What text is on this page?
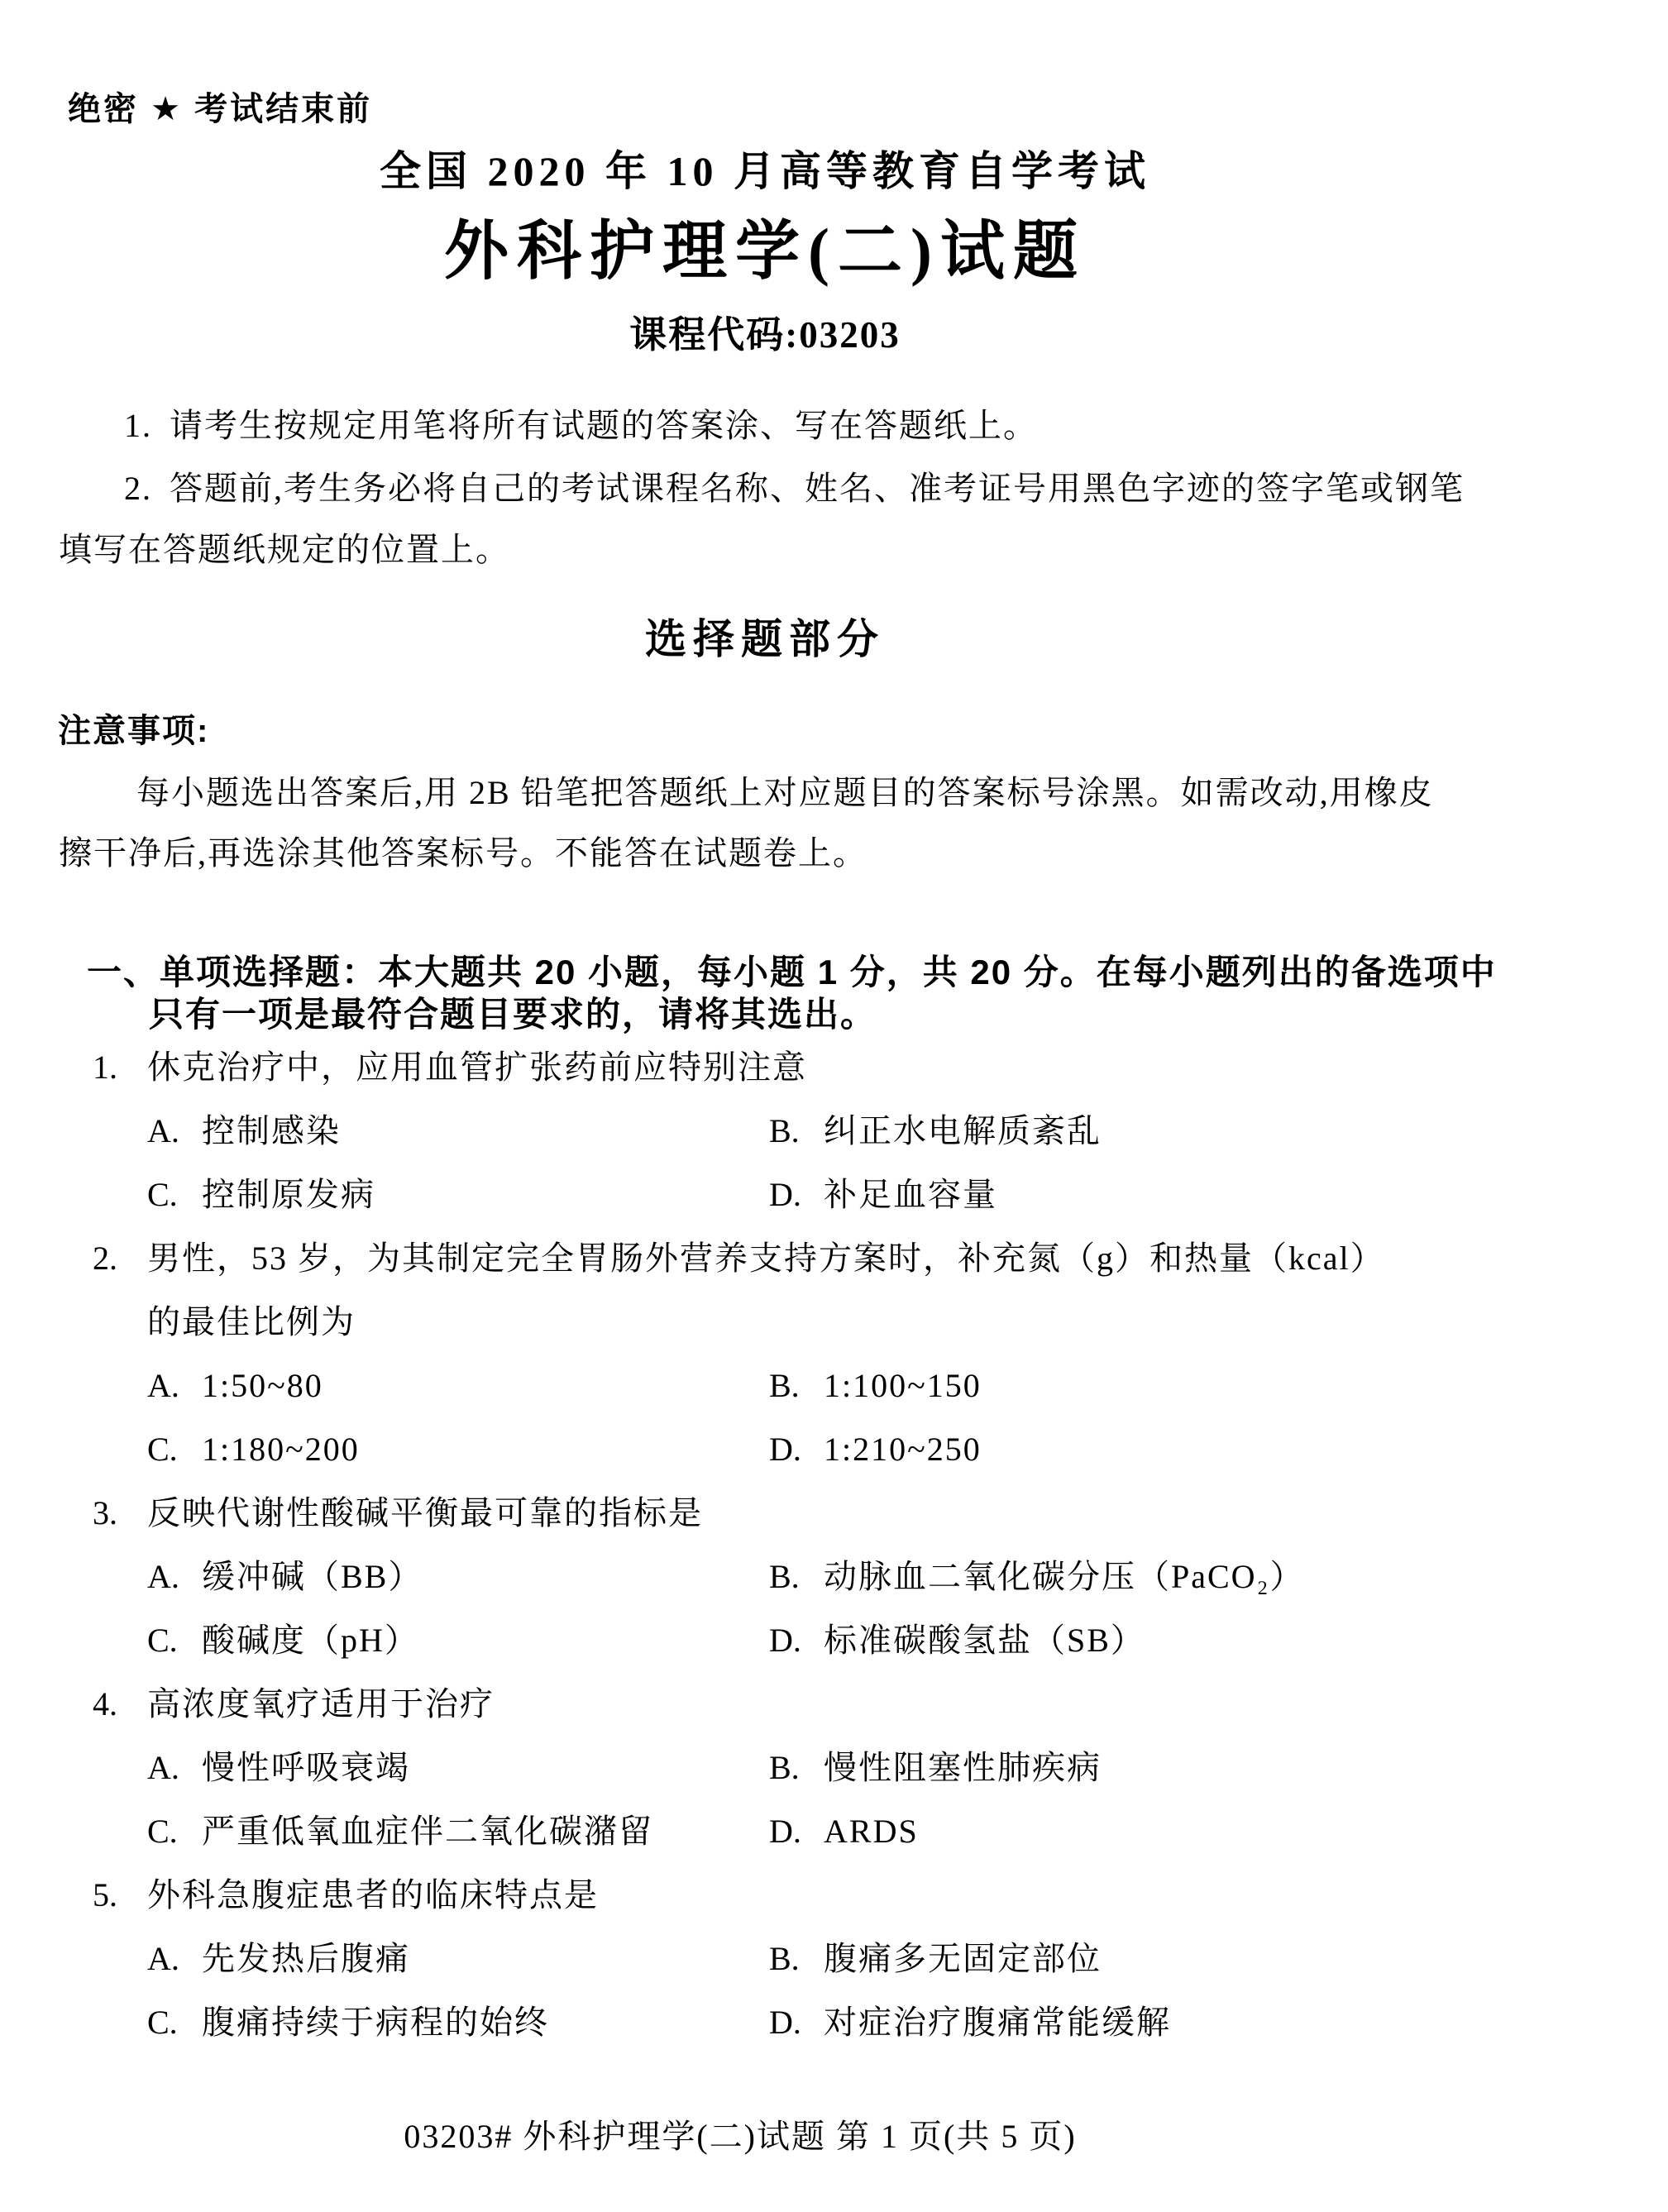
绝密 ★ 考试结束前
全国 2020 年 10 月高等教育自学考试
外科护理学(二)试题
课程代码:03203
1. 请考生按规定用笔将所有试题的答案涂、写在答题纸上。
2. 答题前,考生务必将自己的考试课程名称、姓名、准考证号用黑色字迹的签字笔或钢笔
填写在答题纸规定的位置上。
选择题部分
注意事项:
每小题选出答案后,用 2B 铅笔把答题纸上对应题目的答案标号涂黑。如需改动,用橡皮
擦干净后,再选涂其他答案标号。不能答在试题卷上。
一、单项选择题：本大题共 20 小题，每小题 1 分，共 20 分。在每小题列出的备选项中
只有一项是最符合题目要求的，请将其选出。
1. 休克治疗中，应用血管扩张药前应特别注意
A. 控制感染	B. 纠正水电解质紊乱
C. 控制原发病	D. 补足血容量
2. 男性，53 岁，为其制定完全胃肠外营养支持方案时，补充氮（g）和热量（kcal）
的最佳比例为
A. 1:50~80	B. 1:100~150
C. 1:180~200	D. 1:210~250
3. 反映代谢性酸碱平衡最可靠的指标是
A. 缓冲碱（BB）	B. 动脉血二氧化碳分压（PaCO₂）
C. 酸碱度（pH）	D. 标准碳酸氢盐（SB）
4. 高浓度氧疗适用于治疗
A. 慢性呼吸衰竭	B. 慢性阻塞性肺疾病
C. 严重低氧血症伴二氧化碳潴留	D. ARDS
5. 外科急腹症患者的临床特点是
A. 先发热后腹痛	B. 腹痛多无固定部位
C. 腹痛持续于病程的始终	D. 对症治疗腹痛常能缓解
03203# 外科护理学(二)试题 第 1 页(共 5 页)
